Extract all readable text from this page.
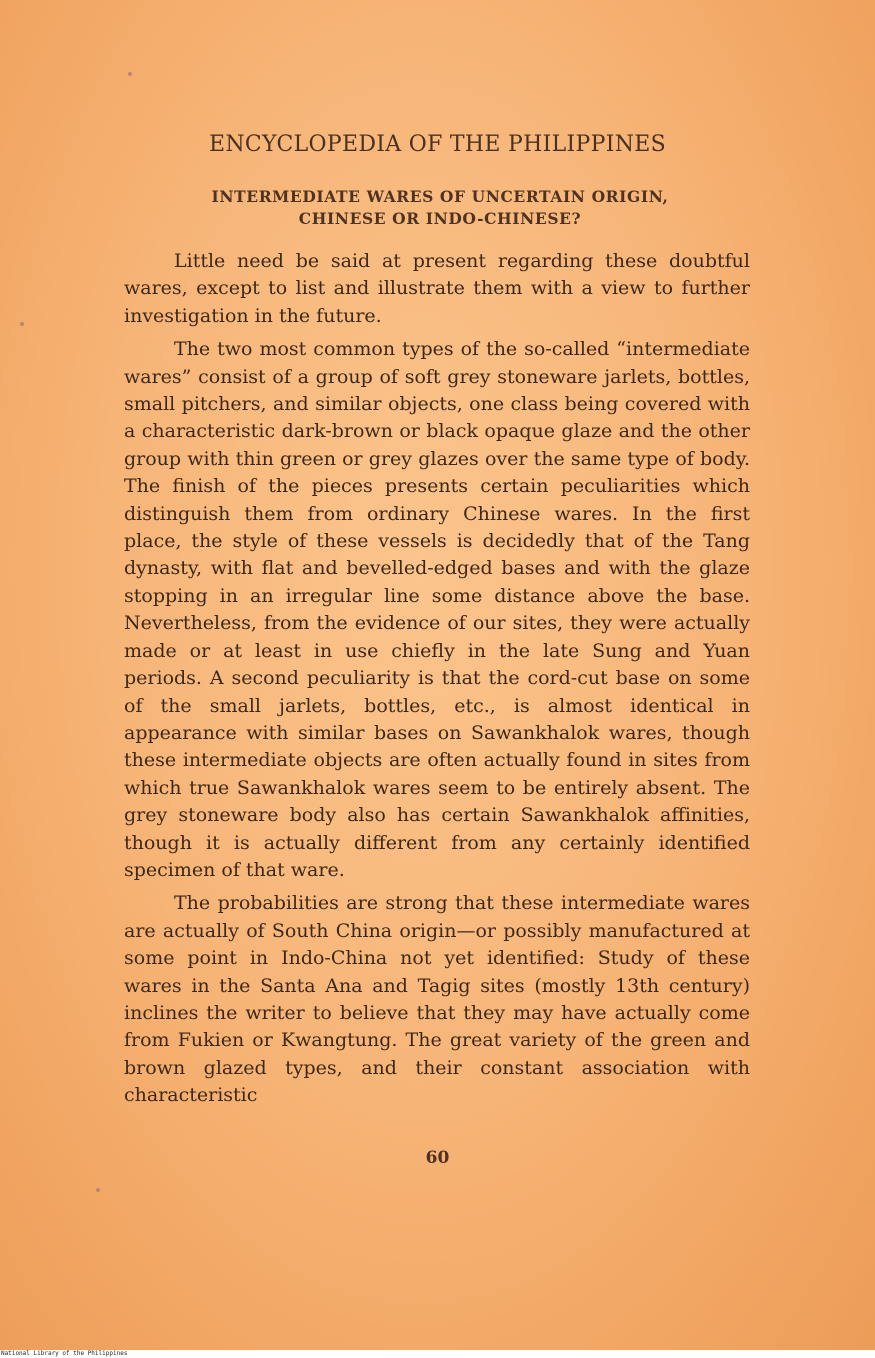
ENCYCLOPEDIA OF THE PHILIPPINES
INTERMEDIATE WARES OF UNCERTAIN ORIGIN,
CHINESE OR INDO-CHINESE?

Little need be said at present regarding these doubtful wares, except to list and illustrate them with a view to further investigation in the future.

The two most common types of the so-called “intermediate wares” consist of a group of soft grey stoneware jarlets, bottles, small pitchers, and similar objects, one class being covered with a characteristic dark-brown or black opaque glaze and the other group with thin green or grey glazes over the same type of body. The finish of the pieces presents certain peculiarities which distinguish them from ordinary Chinese wares. In the first place, the style of these vessels is decidedly that of the Tang dynasty, with flat and bevelled-edged bases and with the glaze stopping in an irregular line some distance above the base. Nevertheless, from the evidence of our sites, they were actually made or at least in use chiefly in the late Sung and Yuan periods. A second peculiarity is that the cord-cut base on some of the small jarlets, bottles, etc., is almost identical in appearance with similar bases on Sawankhalok wares, though these intermediate objects are often actually found in sites from which true Sawankhalok wares seem to be entirely absent. The grey stoneware body also has certain Sawankhalok affinities, though it is actually different from any certainly identified specimen of that ware.

The probabilities are strong that these intermediate wares are actually of South China origin—or possibly manufactured at some point in Indo-China not yet identified: Study of these wares in the Santa Ana and Tagig sites (mostly 13th century) inclines the writer to believe that they may have actually come from Fukien or Kwangtung. The great variety of the green and brown glazed types, and their constant association with characteristic

60
National Library of the Philippines
